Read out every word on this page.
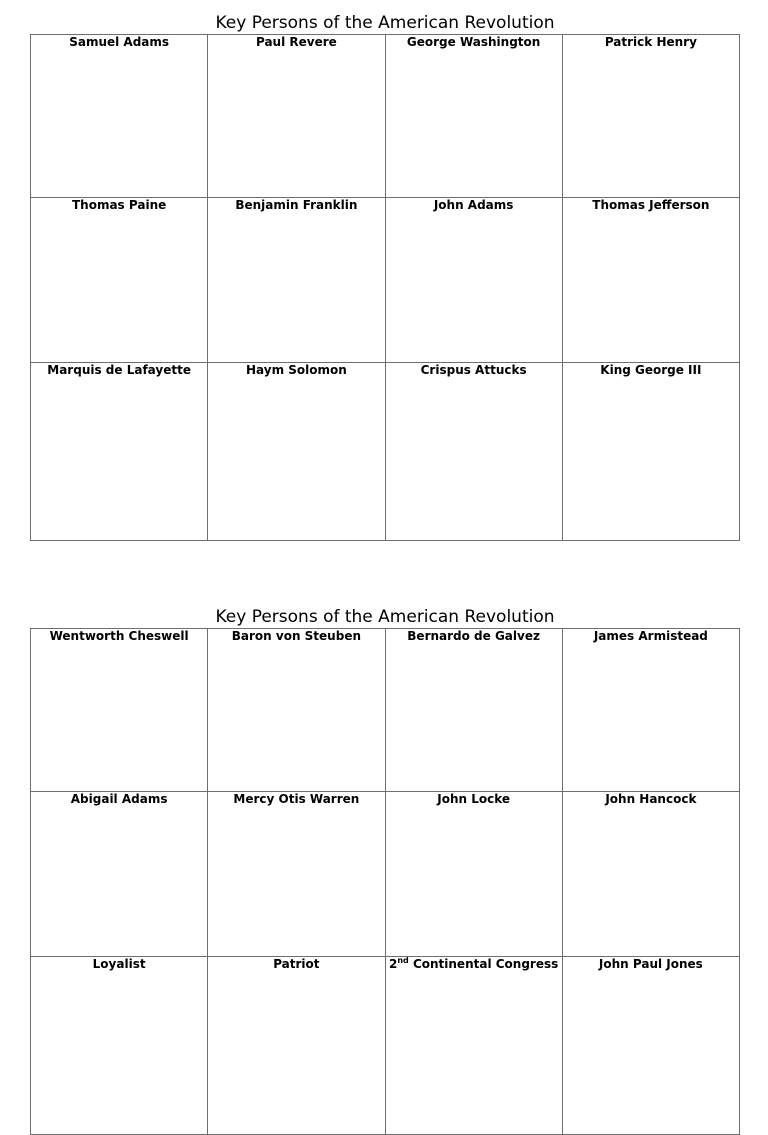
Key Persons of the American Revolution
Samuel Adams	Paul Revere	George Washington	Patrick Henry

Thomas Paine	Benjamin Franklin	John Adams	Thomas Jefferson

Marquis de Lafayette	Haym Solomon	Crispus Attucks	King George III
Key Persons of the American Revolution
Wentworth Cheswell	Baron von Steuben	Bernardo de Galvez	James Armistead

Abigail Adams	Mercy Otis Warren	John Locke	John Hancock

Loyalist	Patriot	2nd Continental Congress	John Paul Jones
